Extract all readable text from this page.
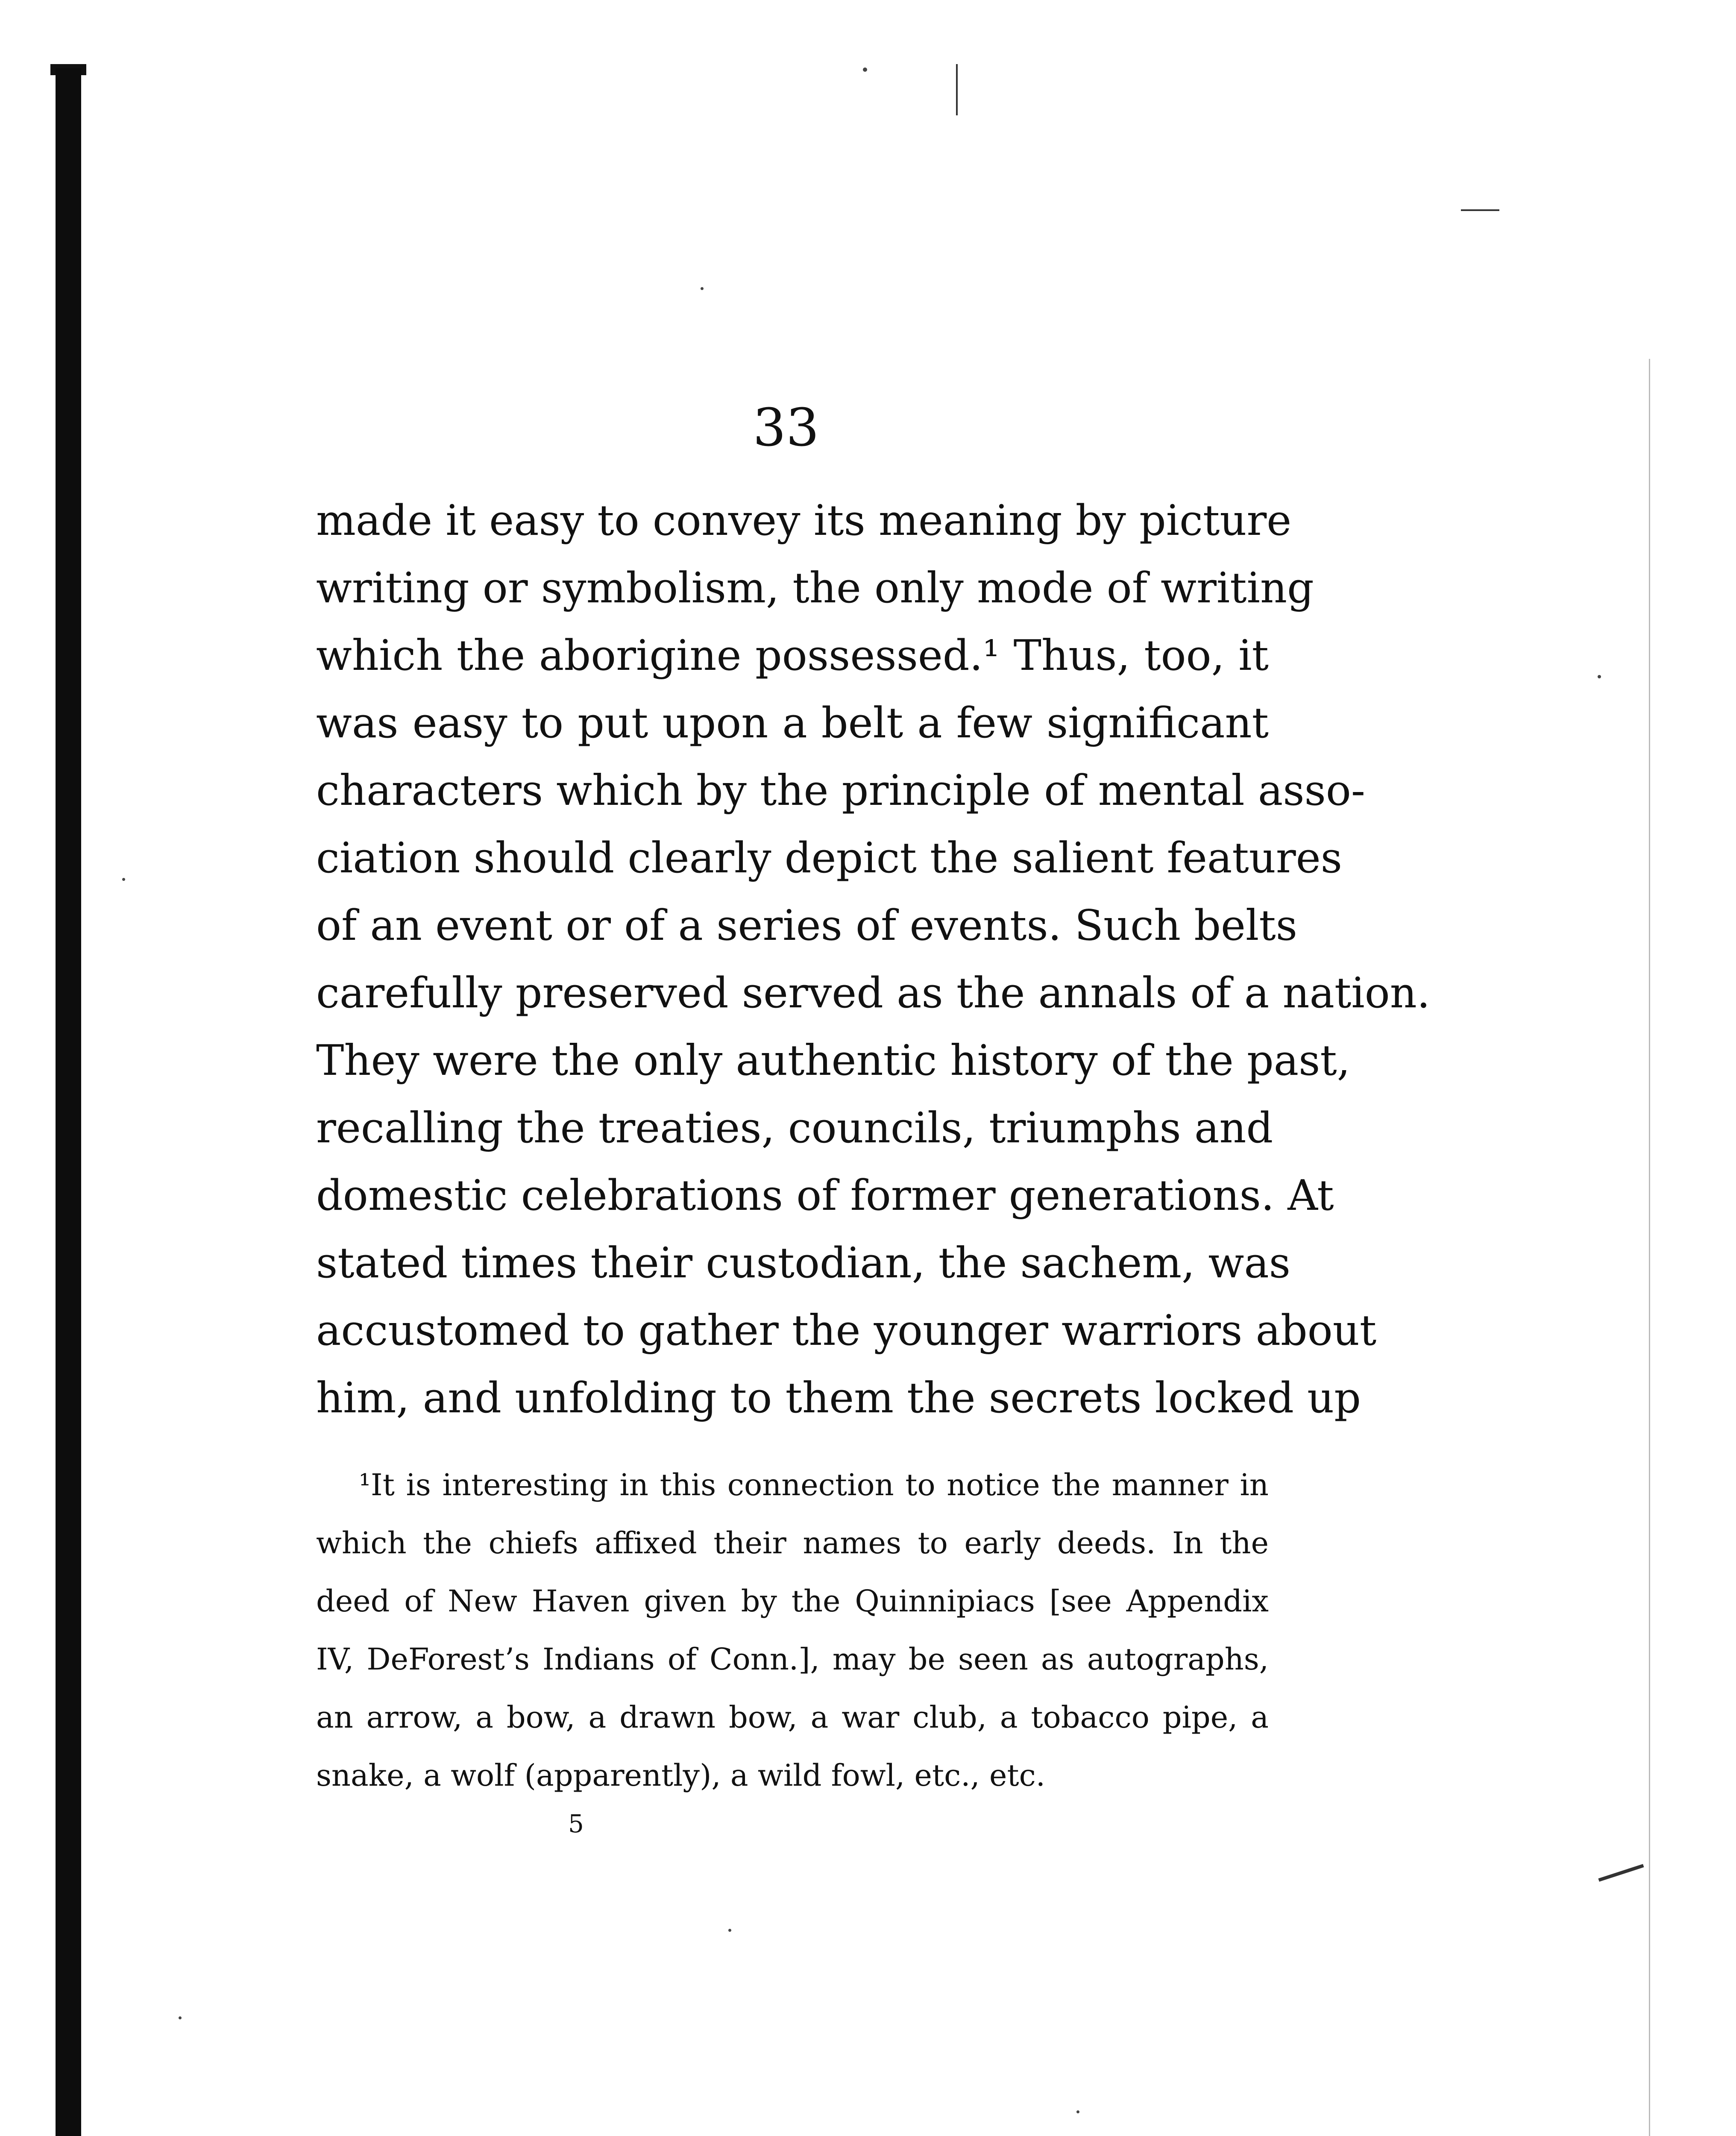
33
made it easy to convey its meaning by picture
writing or symbolism, the only mode of writing
which the aborigine possessed.¹ Thus, too, it
was easy to put upon a belt a few significant
characters which by the principle of mental asso-
ciation should clearly depict the salient features
of an event or of a series of events. Such belts
carefully preserved served as the annals of a nation.
They were the only authentic history of the past,
recalling the treaties, councils, triumphs and
domestic celebrations of former generations. At
stated times their custodian, the sachem, was
accustomed to gather the younger warriors about
him, and unfolding to them the secrets locked up
¹It is interesting in this connection to notice the manner in
which the chiefs affixed their names to early deeds. In the
deed of New Haven given by the Quinnipiacs [see Appendix
IV, DeForest’s Indians of Conn.], may be seen as autographs,
an arrow, a bow, a drawn bow, a war club, a tobacco pipe, a
snake, a wolf (apparently), a wild fowl, etc., etc.
5
